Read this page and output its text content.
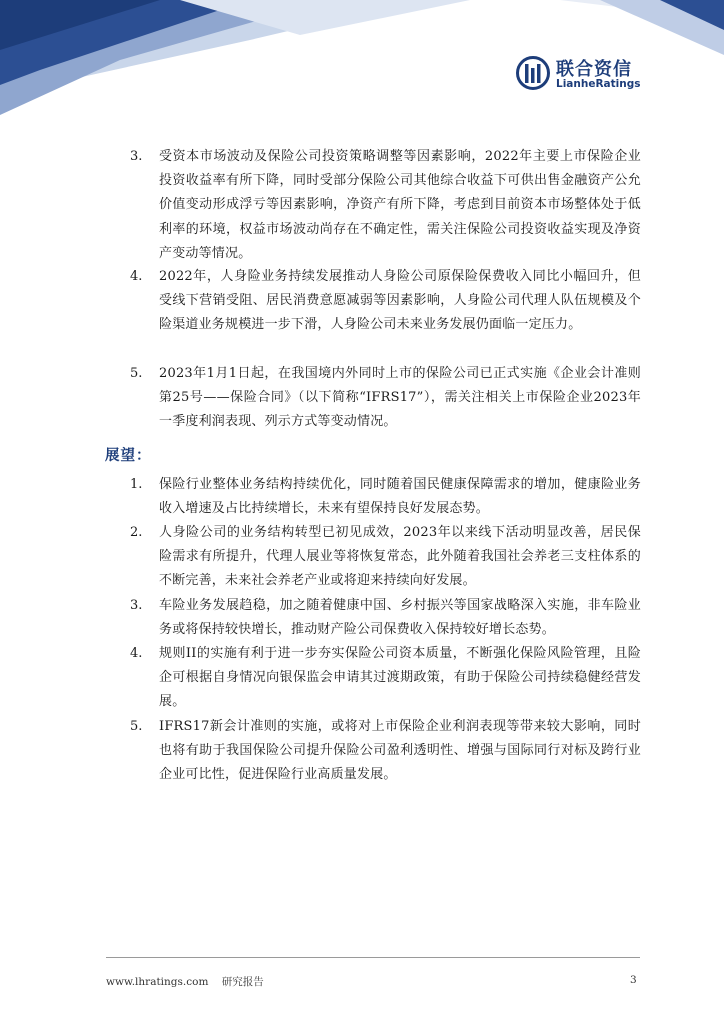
联合资信
LianheRatings
3.	受资本市场波动及保险公司投资策略调整等因素影响，2022年主要上市保险企业投资收益率有所下降，同时受部分保险公司其他综合收益下可供出售金融资产公允价值变动形成浮亏等因素影响，净资产有所下降，考虑到目前资本市场整体处于低利率的环境，权益市场波动尚存在不确定性，需关注保险公司投资收益实现及净资产变动等情况。
4.	2022年，人身险业务持续发展推动人身险公司原保险保费收入同比小幅回升，但受线下营销受阻、居民消费意愿减弱等因素影响，人身险公司代理人队伍规模及个险渠道业务规模进一步下滑，人身险公司未来业务发展仍面临一定压力。
5.	2023年1月1日起，在我国境内外同时上市的保险公司已正式实施《企业会计准则第25号——保险合同》（以下简称“IFRS17”），需关注相关上市保险企业2023年一季度利润表现、列示方式等变动情况。
展望：
1.	保险行业整体业务结构持续优化，同时随着国民健康保障需求的增加，健康险业务收入增速及占比持续增长，未来有望保持良好发展态势。
2.	人身险公司的业务结构转型已初见成效，2023年以来线下活动明显改善，居民保险需求有所提升，代理人展业等将恢复常态，此外随着我国社会养老三支柱体系的不断完善，未来社会养老产业或将迎来持续向好发展。
3.	车险业务发展趋稳，加之随着健康中国、乡村振兴等国家战略深入实施，非车险业务或将保持较快增长，推动财产险公司保费收入保持较好增长态势。
4.	规则II的实施有利于进一步夯实保险公司资本质量，不断强化保险风险管理，且险企可根据自身情况向银保监会申请其过渡期政策，有助于保险公司持续稳健经营发展。
5.	IFRS17新会计准则的实施，或将对上市保险企业利润表现等带来较大影响，同时也将有助于我国保险公司提升保险公司盈利透明性、增强与国际同行对标及跨行业企业可比性，促进保险行业高质量发展。
www.lhratings.com 研究报告	3
